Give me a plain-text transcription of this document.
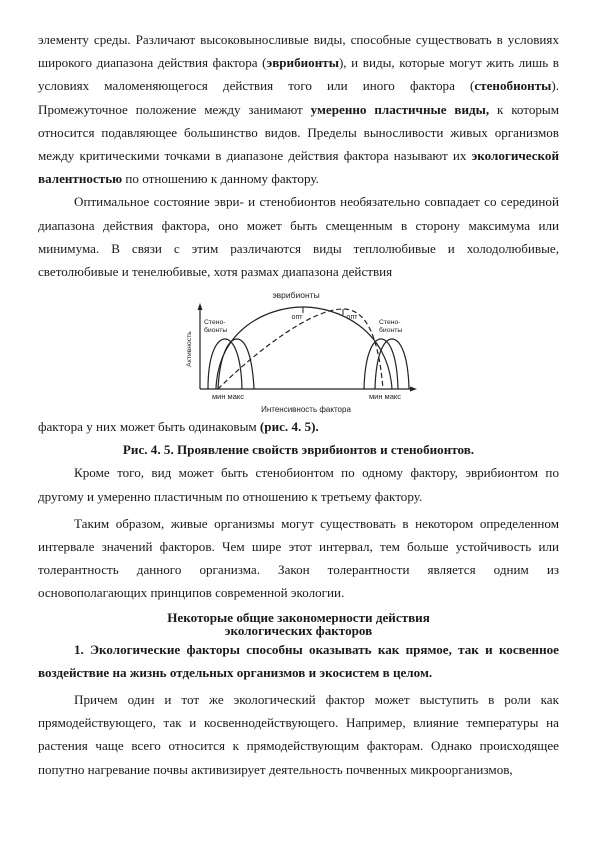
элементу среды. Различают высоковыносливые виды, способные существовать в условиях широкого диапазона действия фактора (эврибионты), и виды, которые могут жить лишь в условиях маломеняющегося действия того или иного фактора (стенобионты). Промежуточное положение между занимают умеренно пластичные виды, к которым относится подавляющее большинство видов. Пределы выносливости живых организмов между критическими точками в диапазоне действия фактора называют их экологической валентностью по отношению к данному фактору.

Оптимальное состояние эври- и стенобионтов необязательно совпадает со серединой диапазона действия фактора, оно может быть смещенным в сторону максимума или минимума. В связи с этим различаются виды теплолюбивые и холодолюбивые, светолюбивые и тенелюбивые, хотя размах диапазона действия

эврибионты
опт	опт
Стено-
бионты
Стено-
бионты
Активность
мин макс	мин макс
Интенсивность фактора

фактора у них может быть одинаковым (рис. 4. 5).

Рис. 4. 5. Проявление свойств эврибионтов и стенобионтов.

Кроме того, вид может быть стенобионтом по одному фактору, эврибионтом по другому и умеренно пластичным по отношению к третьему фактору.

Таким образом, живые организмы могут существовать в некотором определенном интервале значений факторов. Чем шире этот интервал, тем больше устойчивость или толерантность данного организма. Закон толерантности является одним из основополагающих принципов современной экологии.

Некоторые общие закономерности действия

экологических факторов

1. Экологические факторы способны оказывать как прямое, так и косвенное воздействие на жизнь отдельных организмов и экосистем в целом.

Причем один и тот же экологический фактор может выступить в роли как прямодействующего, так и косвеннодействующего. Например, влияние температуры на растения чаще всего относится к прямодействующим факторам. Однако происходящее попутно нагревание почвы активизирует деятельность почвенных микроорганизмов,
